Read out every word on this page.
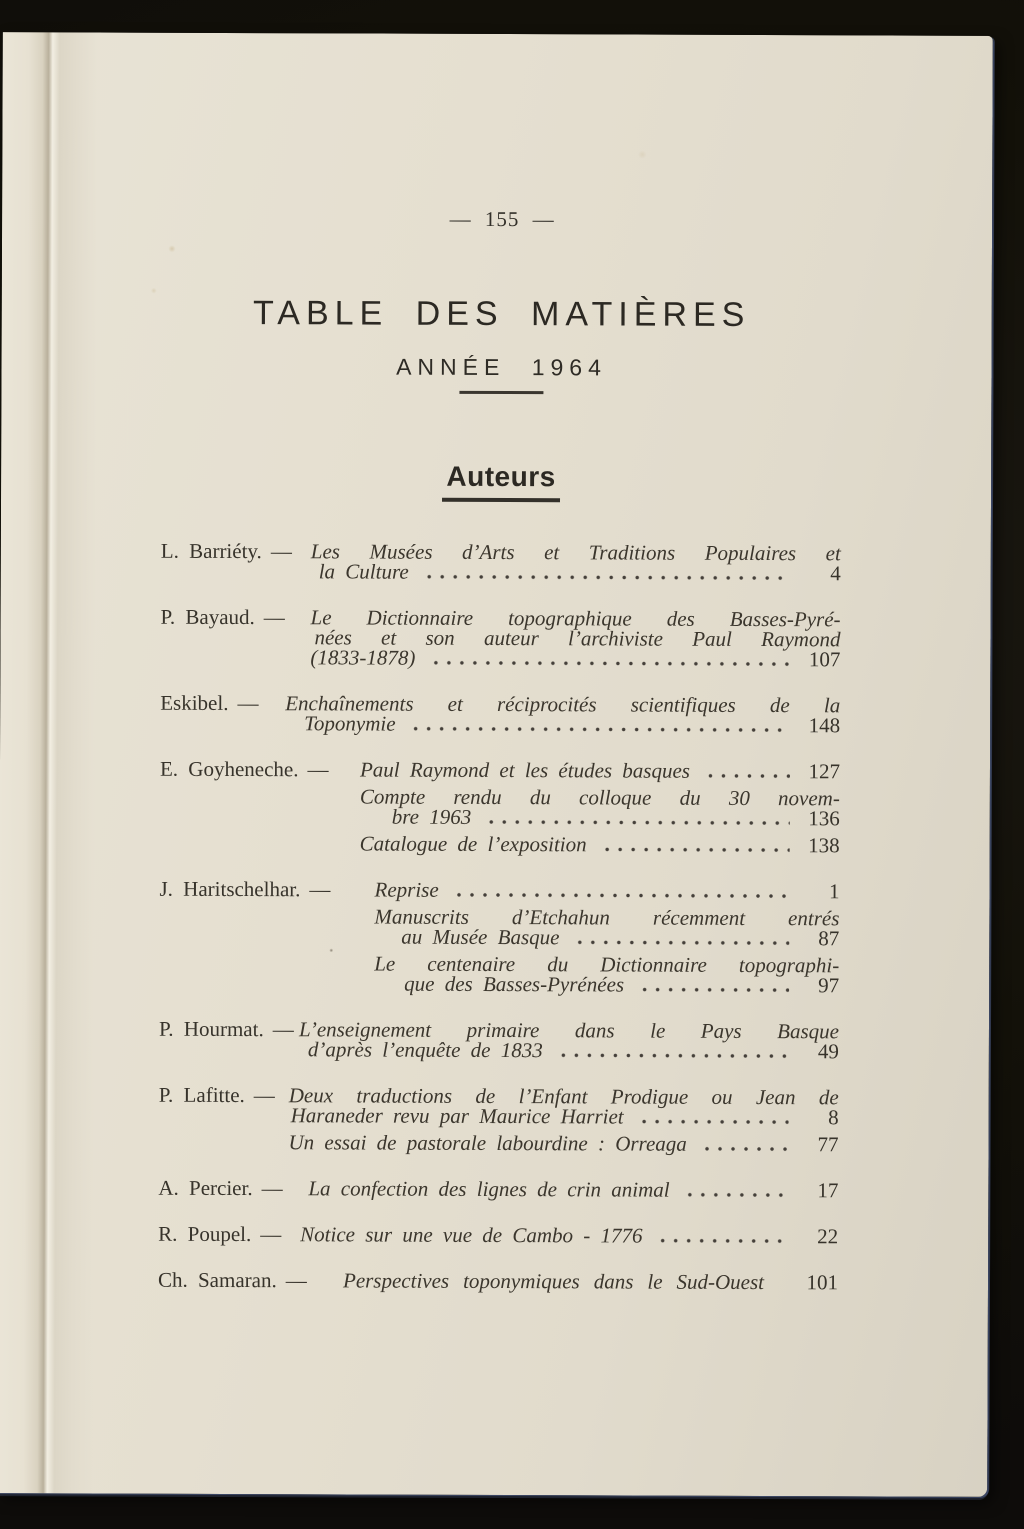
— 155 —
TABLE DES MATIÈRES
ANNÉE 1964
Auteurs
L. Barriéty. — Les Musées d’Arts et Traditions Populaires et
la Culture	4
P. Bayaud. — Le Dictionnaire topographique des Basses-Pyré-
nées et son auteur l’archiviste Paul Raymond
(1833-1878)	107
Eskibel. — Enchaînements et réciprocités scientifiques de la
Toponymie	148
E. Goyheneche. — Paul Raymond et les études basques	127
Compte rendu du colloque du 30 novem-
bre 1963	136
Catalogue de l’exposition	138
J. Haritschelhar. — Reprise	1
Manuscrits d’Etchahun récemment entrés
au Musée Basque	87
Le centenaire du Dictionnaire topographi-
que des Basses-Pyrénées	97
P. Hourmat. — L’enseignement primaire dans le Pays Basque
d’après l’enquête de 1833	49
P. Lafitte. — Deux traductions de l’Enfant Prodigue ou Jean de
Haraneder revu par Maurice Harriet	8
Un essai de pastorale labourdine : Orreaga	77
A. Percier. — La confection des lignes de crin animal	17
R. Poupel. — Notice sur une vue de Cambo - 1776	22
Ch. Samaran. — Perspectives toponymiques dans le Sud-Ouest	101
